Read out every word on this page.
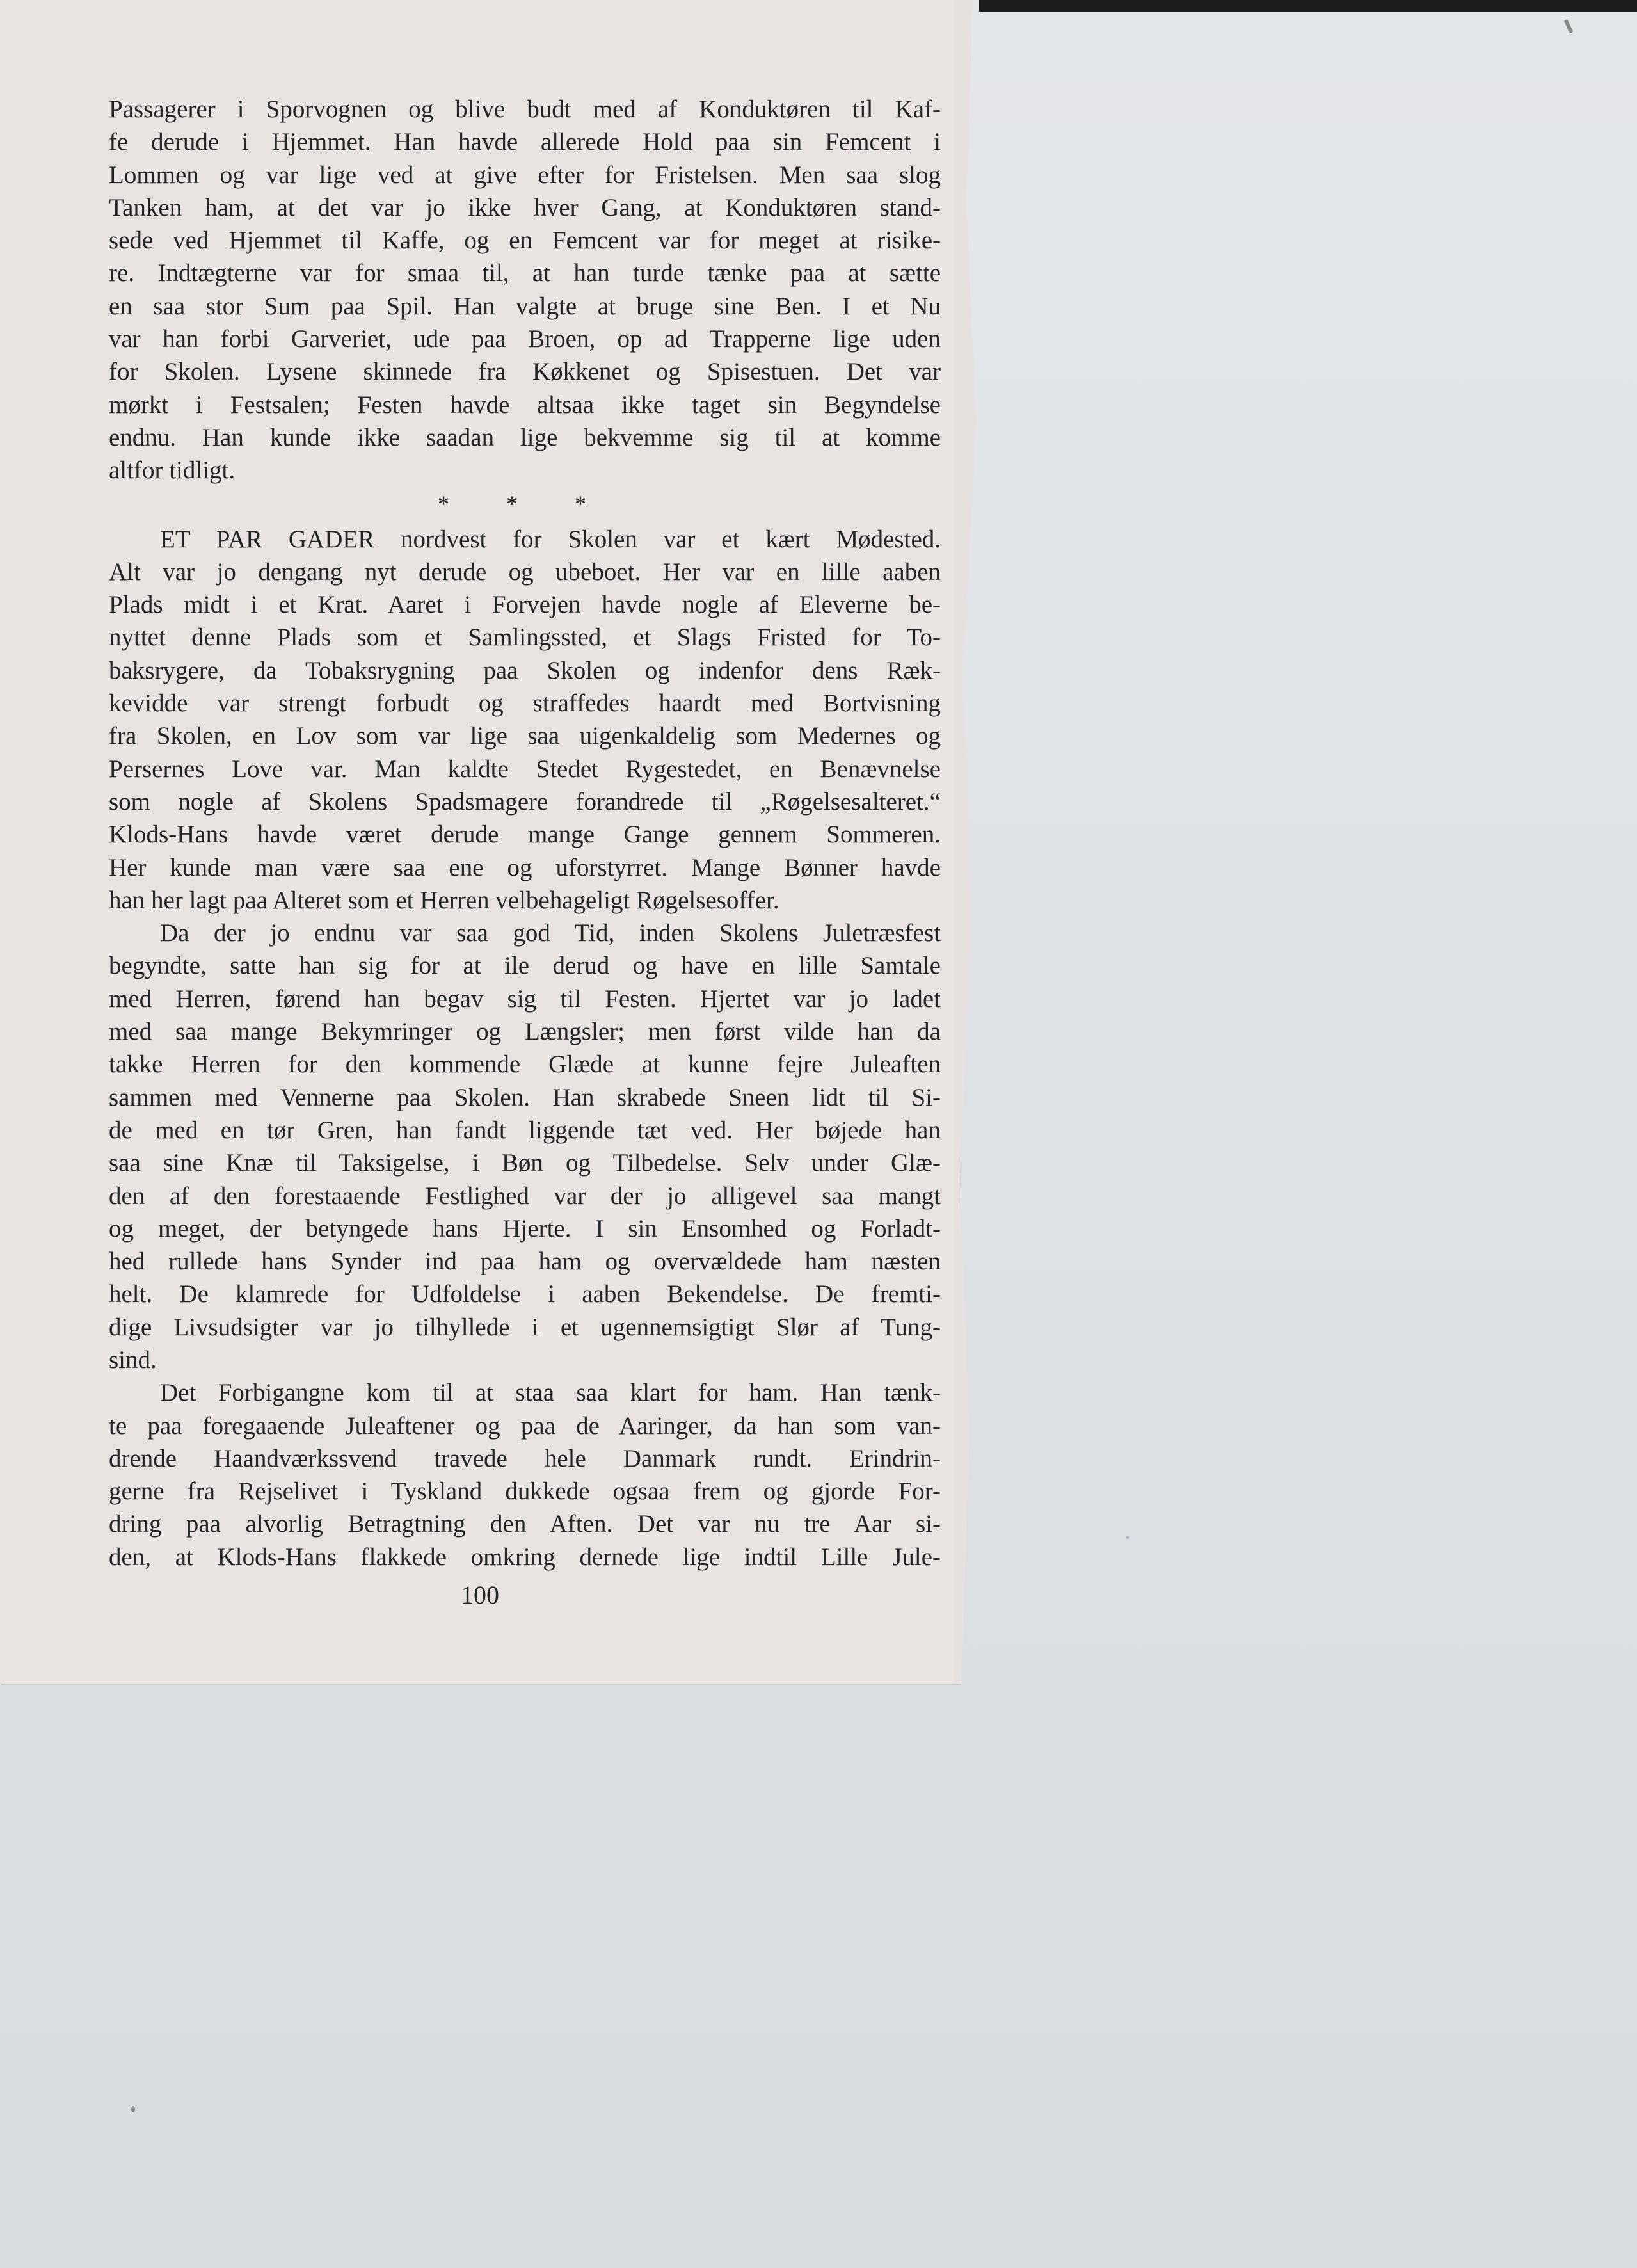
Passagerer i Sporvognen og blive budt med af Konduktøren til Kaf-
fe derude i Hjemmet. Han havde allerede Hold paa sin Femcent i
Lommen og var lige ved at give efter for Fristelsen. Men saa slog
Tanken ham, at det var jo ikke hver Gang, at Konduktøren stand-
sede ved Hjemmet til Kaffe, og en Femcent var for meget at risike-
re. Indtægterne var for smaa til, at han turde tænke paa at sætte
en saa stor Sum paa Spil. Han valgte at bruge sine Ben. I et Nu
var han forbi Garveriet, ude paa Broen, op ad Trapperne lige uden
for Skolen. Lysene skinnede fra Køkkenet og Spisestuen. Det var
mørkt i Festsalen; Festen havde altsaa ikke taget sin Begyndelse
endnu. Han kunde ikke saadan lige bekvemme sig til at komme
altfor tidligt.
* * *
ET PAR GADER nordvest for Skolen var et kært Mødested.
Alt var jo dengang nyt derude og ubeboet. Her var en lille aaben
Plads midt i et Krat. Aaret i Forvejen havde nogle af Eleverne be-
nyttet denne Plads som et Samlingssted, et Slags Fristed for To-
baksrygere, da Tobaksrygning paa Skolen og indenfor dens Ræk-
kevidde var strengt forbudt og straffedes haardt med Bortvisning
fra Skolen, en Lov som var lige saa uigenkaldelig som Medernes og
Persernes Love var. Man kaldte Stedet Rygestedet, en Benævnelse
som nogle af Skolens Spadsmagere forandrede til „Røgelsesalteret.“
Klods-Hans havde været derude mange Gange gennem Sommeren.
Her kunde man være saa ene og uforstyrret. Mange Bønner havde
han her lagt paa Alteret som et Herren velbehageligt Røgelsesoffer.
Da der jo endnu var saa god Tid, inden Skolens Juletræsfest
begyndte, satte han sig for at ile derud og have en lille Samtale
med Herren, førend han begav sig til Festen. Hjertet var jo ladet
med saa mange Bekymringer og Længsler; men først vilde han da
takke Herren for den kommende Glæde at kunne fejre Juleaften
sammen med Vennerne paa Skolen. Han skrabede Sneen lidt til Si-
de med en tør Gren, han fandt liggende tæt ved. Her bøjede han
saa sine Knæ til Taksigelse, i Bøn og Tilbedelse. Selv under Glæ-
den af den forestaaende Festlighed var der jo alligevel saa mangt
og meget, der betyngede hans Hjerte. I sin Ensomhed og Forladt-
hed rullede hans Synder ind paa ham og overvældede ham næsten
helt. De klamrede for Udfoldelse i aaben Bekendelse. De fremti-
dige Livsudsigter var jo tilhyllede i et ugennemsigtigt Slør af Tung-
sind.
Det Forbigangne kom til at staa saa klart for ham. Han tænk-
te paa foregaaende Juleaftener og paa de Aaringer, da han som van-
drende Haandværkssvend travede hele Danmark rundt. Erindrin-
gerne fra Rejselivet i Tyskland dukkede ogsaa frem og gjorde For-
dring paa alvorlig Betragtning den Aften. Det var nu tre Aar si-
den, at Klods-Hans flakkede omkring dernede lige indtil Lille Jule-
100
